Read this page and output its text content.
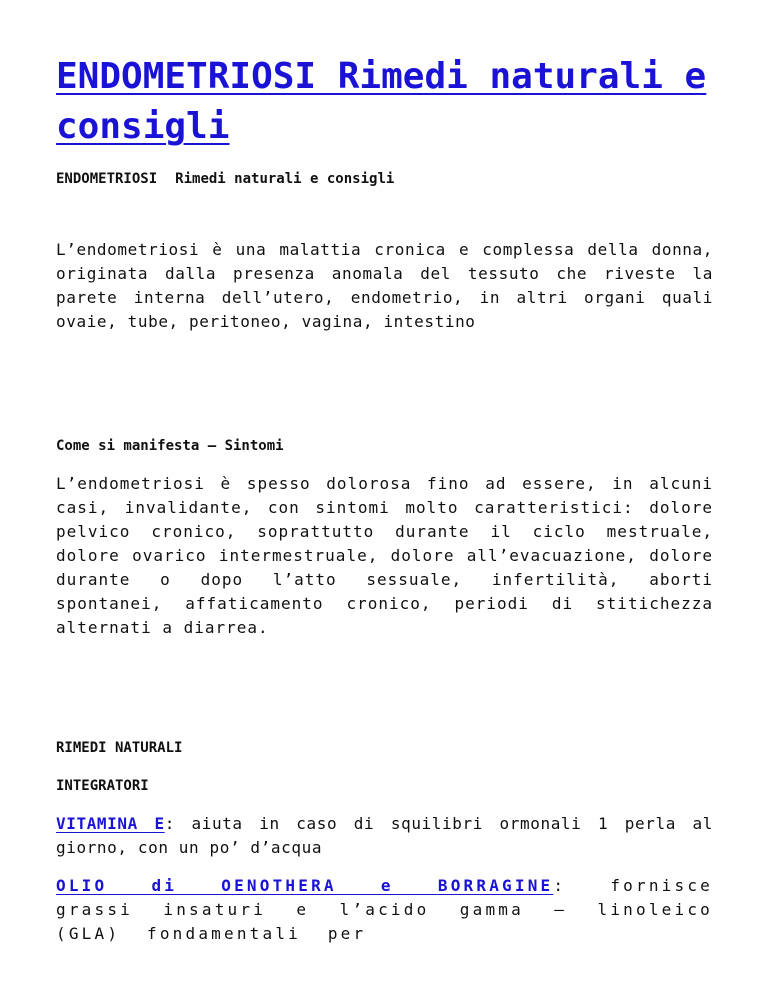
ENDOMETRIOSI Rimedi naturali e consigli
ENDOMETRIOSI Rimedi naturali e consigli

L’endometriosi è una malattia cronica e complessa della donna, originata dalla presenza anomala del tessuto che riveste la parete interna dell’utero, endometrio, in altri organi quali ovaie, tube, peritoneo, vagina, intestino

Come si manifesta – Sintomi

L’endometriosi è spesso dolorosa fino ad essere, in alcuni casi, invalidante, con sintomi molto caratteristici: dolore pelvico cronico, soprattutto durante il ciclo mestruale, dolore ovarico intermestruale, dolore all’evacuazione, dolore durante o dopo l’atto sessuale, infertilità, aborti spontanei, affaticamento cronico, periodi di stitichezza alternati a diarrea.

RIMEDI NATURALI
INTEGRATORI

VITAMINA E: aiuta in caso di squilibri ormonali 1 perla al giorno, con un po’ d’acqua

OLIO di OENOTHERA e BORRAGINE: fornisce grassi insaturi e l’acido gamma – linoleico (GLA) fondamentali per
